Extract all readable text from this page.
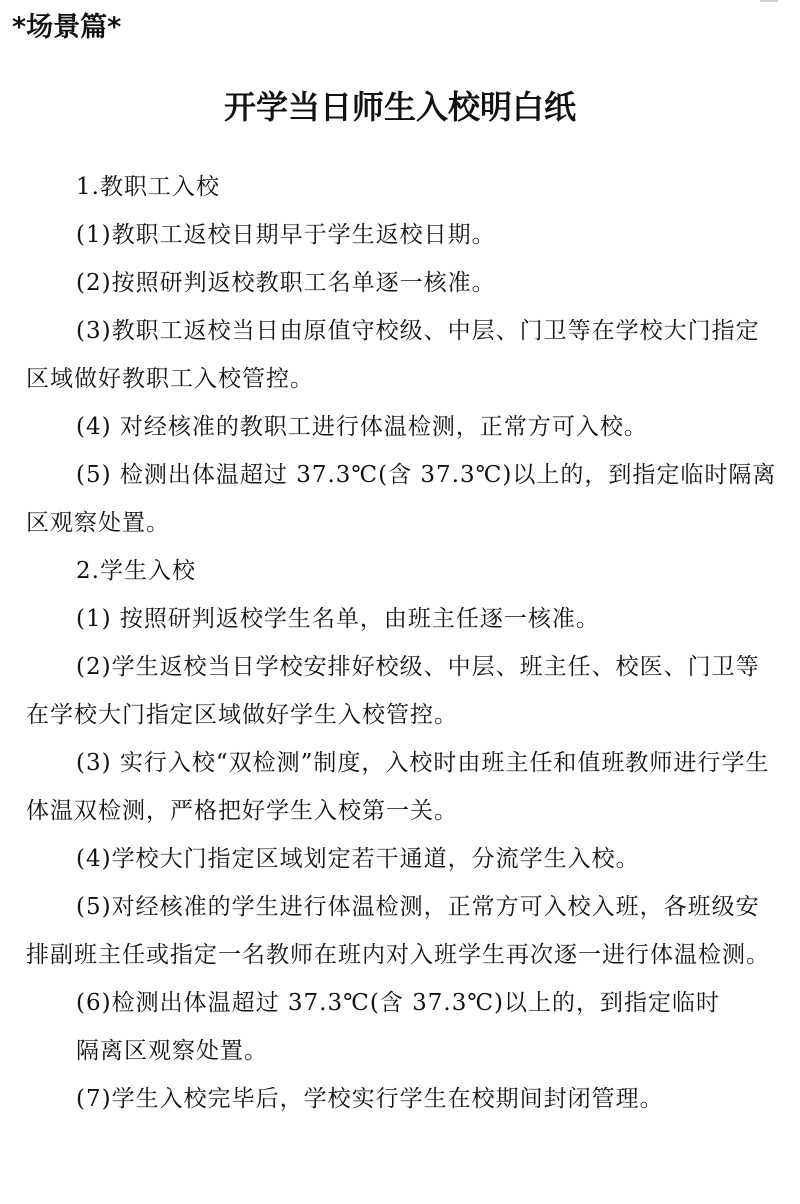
*场景篇*

开学当日师生入校明白纸

1.教职工入校

(1)教职工返校日期早于学生返校日期。

(2)按照研判返校教职工名单逐一核准。

(3)教职工返校当日由原值守校级、中层、门卫等在学校大门指定区域做好教职工入校管控。

(4) 对经核准的教职工进行体温检测，正常方可入校。

(5) 检测出体温超过 37.3℃(含 37.3℃)以上的，到指定临时隔离区观察处置。

2.学生入校

(1) 按照研判返校学生名单，由班主任逐一核准。

(2)学生返校当日学校安排好校级、中层、班主任、校医、门卫等在学校大门指定区域做好学生入校管控。

(3) 实行入校“双检测”制度，入校时由班主任和值班教师进行学生体温双检测，严格把好学生入校第一关。

(4)学校大门指定区域划定若干通道，分流学生入校。

(5)对经核准的学生进行体温检测，正常方可入校入班，各班级安排副班主任或指定一名教师在班内对入班学生再次逐一进行体温检测。

(6)检测出体温超过 37.3℃(含 37.3℃)以上的，到指定临时

隔离区观察处置。

(7)学生入校完毕后，学校实行学生在校期间封闭管理。
